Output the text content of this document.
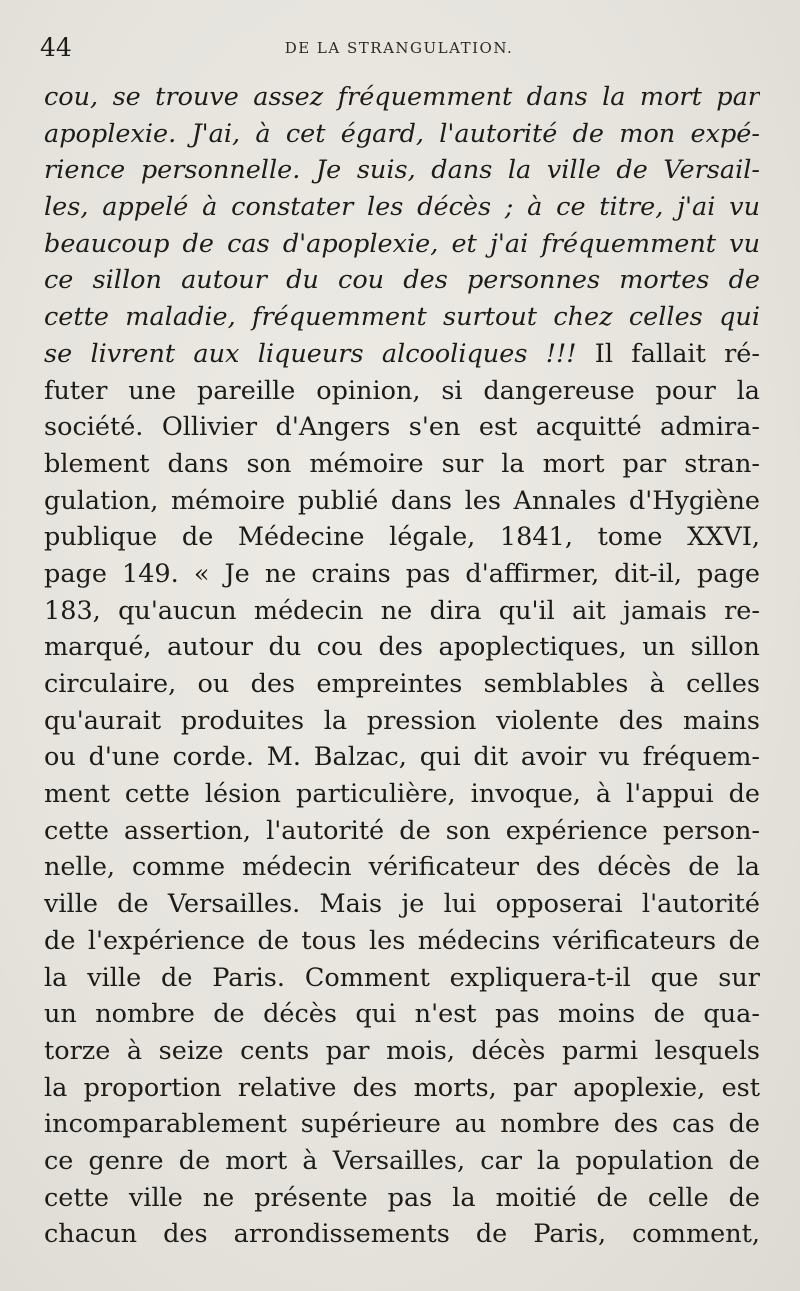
44	DE LA STRANGULATION.
cou, se trouve assez fréquemment dans la mort par
apoplexie. J'ai, à cet égard, l'autorité de mon expé-
rience personnelle. Je suis, dans la ville de Versail-
les, appelé à constater les décès ; à ce titre, j'ai vu
beaucoup de cas d'apoplexie, et j'ai fréquemment vu
ce sillon autour du cou des personnes mortes de
cette maladie, fréquemment surtout chez celles qui
se livrent aux liqueurs alcooliques !!! Il fallait ré-
futer une pareille opinion, si dangereuse pour la
société. Ollivier d'Angers s'en est acquitté admira-
blement dans son mémoire sur la mort par stran-
gulation, mémoire publié dans les Annales d'Hygiène
publique de Médecine légale, 1841, tome XXVI,
page 149. « Je ne crains pas d'affirmer, dit-il, page
183, qu'aucun médecin ne dira qu'il ait jamais re-
marqué, autour du cou des apoplectiques, un sillon
circulaire, ou des empreintes semblables à celles
qu'aurait produites la pression violente des mains
ou d'une corde. M. Balzac, qui dit avoir vu fréquem-
ment cette lésion particulière, invoque, à l'appui de
cette assertion, l'autorité de son expérience person-
nelle, comme médecin vérificateur des décès de la
ville de Versailles. Mais je lui opposerai l'autorité
de l'expérience de tous les médecins vérificateurs de
la ville de Paris. Comment expliquera-t-il que sur
un nombre de décès qui n'est pas moins de qua-
torze à seize cents par mois, décès parmi lesquels
la proportion relative des morts, par apoplexie, est
incomparablement supérieure au nombre des cas de
ce genre de mort à Versailles, car la population de
cette ville ne présente pas la moitié de celle de
chacun des arrondissements de Paris, comment,
